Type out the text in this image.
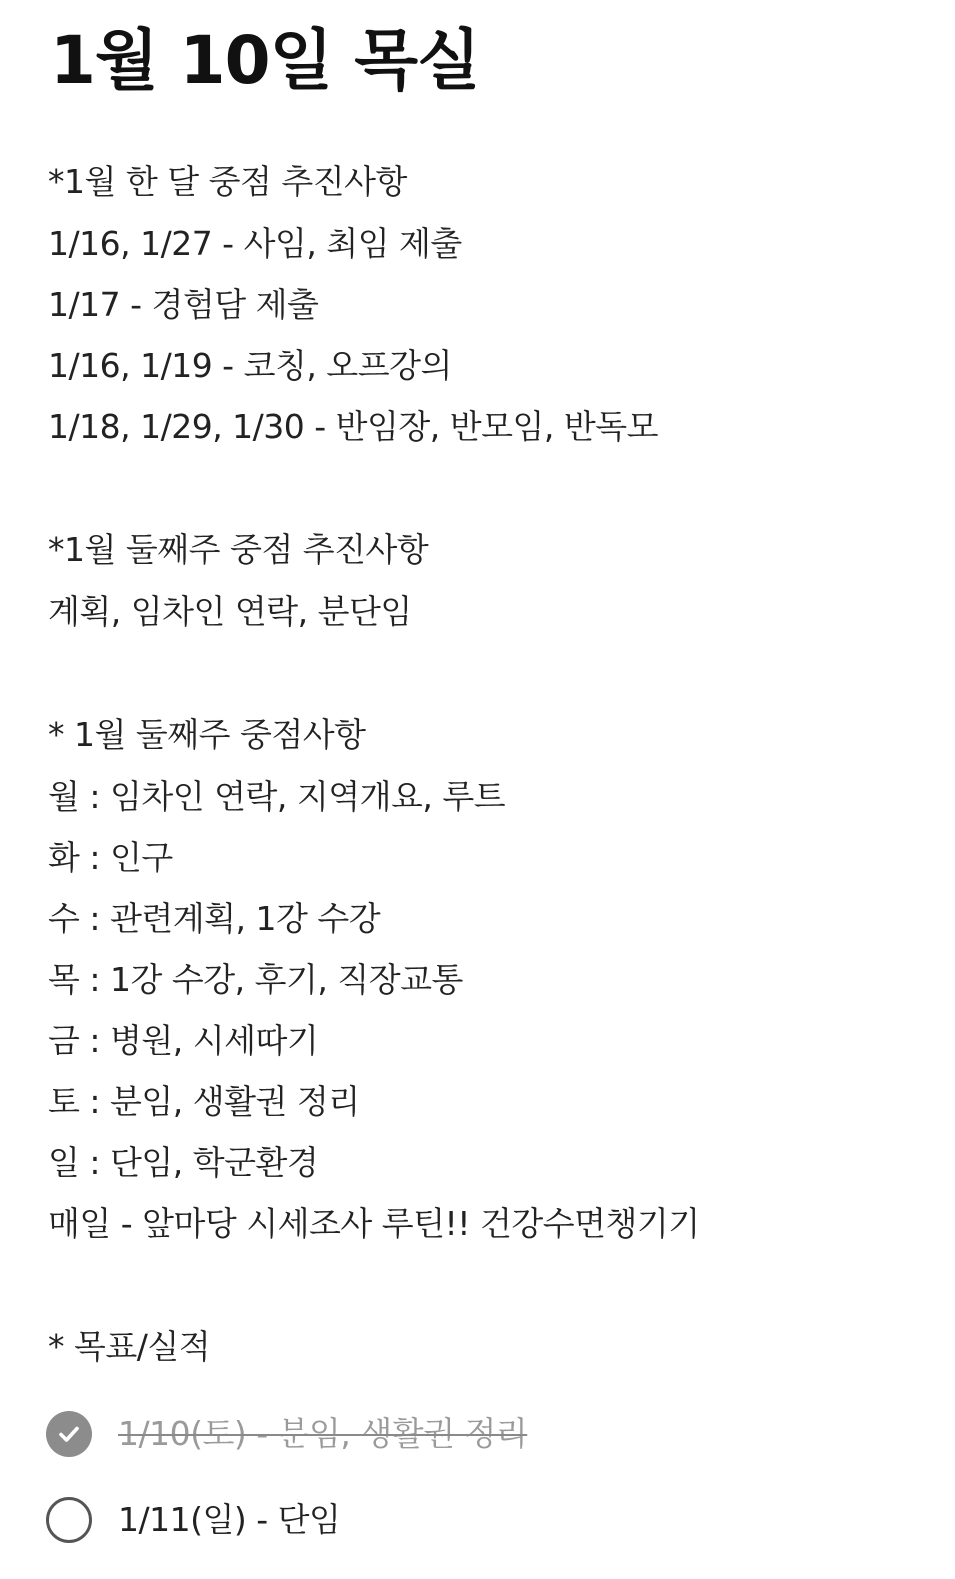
1월 10일 목실
*1월 한 달 중점 추진사항
1/16, 1/27 - 사임, 최임 제출
1/17 - 경험담 제출
1/16, 1/19 - 코칭, 오프강의
1/18, 1/29, 1/30 - 반임장, 반모임, 반독모
*1월 둘째주 중점 추진사항
계획, 임차인 연락, 분단임
* 1월 둘째주 중점사항
월 : 임차인 연락, 지역개요, 루트
화 : 인구
수 : 관련계획, 1강 수강
목 : 1강 수강, 후기, 직장교통
금 : 병원, 시세따기
토 : 분임, 생활권 정리
일 : 단임, 학군환경
매일 - 앞마당 시세조사 루틴!! 건강수면챙기기
* 목표/실적
1/10(토) - 분임, 생활권 정리
1/11(일) - 단임
